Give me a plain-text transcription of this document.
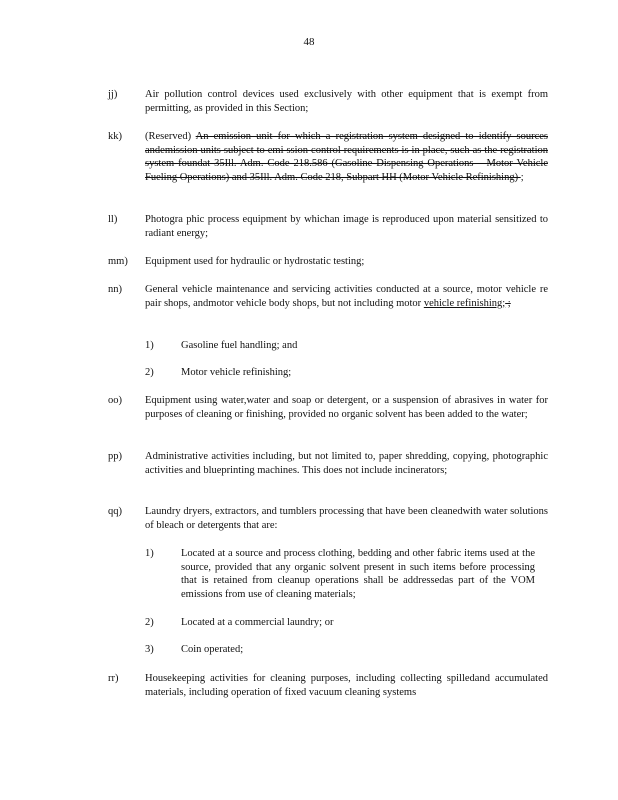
48
jj)	Air pollution control devices used exclusively with other equipment that is exempt from permitting, as provided in this Section;
kk)	(Reserved) An emission unit for which a registration system designed to identify sources andemission units subject to emi ssion control requirements is in place, such as the registration system foundat 35Ill. Adm. Code 218.586 (Gasoline Dispensing Operations – Motor Vehicle Fueling Operations) and 35Ill. Adm. Code 218, Subpart HH (Motor Vehicle Refinishing) ;
ll)	Photogra phic process equipment by whichan image is reproduced upon material sensitized to radiant energy;
mm)	Equipment used for hydraulic or hydrostatic testing;
nn)	General vehicle maintenance and servicing activities conducted at a source, motor vehicle re pair shops, andmotor vehicle body shops, but not including motor vehicle refinishing; ;
1)	Gasoline fuel handling; and
2)	Motor vehicle refinishing;
oo)	Equipment using water,water and soap or detergent, or a suspension of abrasives in water for purposes of cleaning or finishing, provided no organic solvent has been added to the water;
pp)	Administrative activities including, but not limited to, paper shredding, copying, photographic activities and blueprinting machines. This does not include incinerators;
qq)	Laundry dryers, extractors, and tumblers processing that have been cleanedwith water solutions of bleach or detergents that are:
1)	Located at a source and process clothing, bedding and other fabric items used at the source, provided that any organic solvent present in such items before processing that is retained from cleanup operations shall be addressedas part of the VOM emissions from use of cleaning materials;
2)	Located at a commercial laundry; or
3)	Coin operated;
rr)	Housekeeping activities for cleaning purposes, including collecting spilledand accumulated materials, including operation of fixed vacuum cleaning systems
